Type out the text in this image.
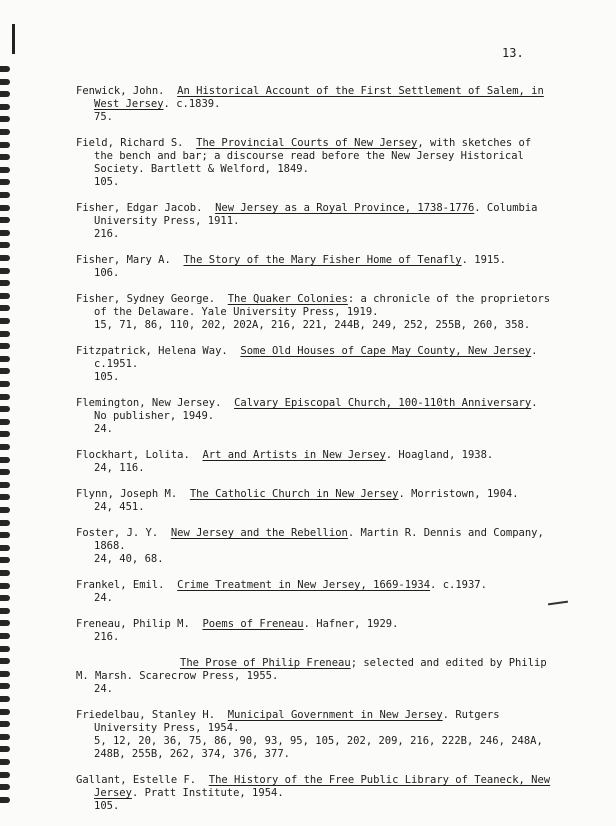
13.
Fenwick, John. An Historical Account of the First Settlement of Salem, in West Jersey. c.1839.
75.
Field, Richard S. The Provincial Courts of New Jersey, with sketches of the bench and bar; a discourse read before the New Jersey Historical Society. Bartlett & Welford, 1849.
105.
Fisher, Edgar Jacob. New Jersey as a Royal Province, 1738-1776. Columbia University Press, 1911.
216.
Fisher, Mary A. The Story of the Mary Fisher Home of Tenafly. 1915.
106.
Fisher, Sydney George. The Quaker Colonies: a chronicle of the proprietors of the Delaware. Yale University Press, 1919.
15, 71, 86, 110, 202, 202A, 216, 221, 244B, 249, 252, 255B, 260, 358.
Fitzpatrick, Helena Way. Some Old Houses of Cape May County, New Jersey. c.1951.
105.
Flemington, New Jersey. Calvary Episcopal Church, 100-110th Anniversary. No publisher, 1949.
24.
Flockhart, Lolita. Art and Artists in New Jersey. Hoagland, 1938.
24, 116.
Flynn, Joseph M. The Catholic Church in New Jersey. Morristown, 1904.
24, 451.
Foster, J. Y. New Jersey and the Rebellion. Martin R. Dennis and Company, 1868.
24, 40, 68.
Frankel, Emil. Crime Treatment in New Jersey, 1669-1934. c.1937.
24.
Freneau, Philip M. Poems of Freneau. Hafner, 1929.
216.
The Prose of Philip Freneau; selected and edited by Philip M. Marsh. Scarecrow Press, 1955.
24.
Friedelbau, Stanley H. Municipal Government in New Jersey. Rutgers University Press, 1954.
5, 12, 20, 36, 75, 86, 90, 93, 95, 105, 202, 209, 216, 222B, 246, 248A, 248B, 255B, 262, 374, 376, 377.
Gallant, Estelle F. The History of the Free Public Library of Teaneck, New Jersey. Pratt Institute, 1954.
105.
